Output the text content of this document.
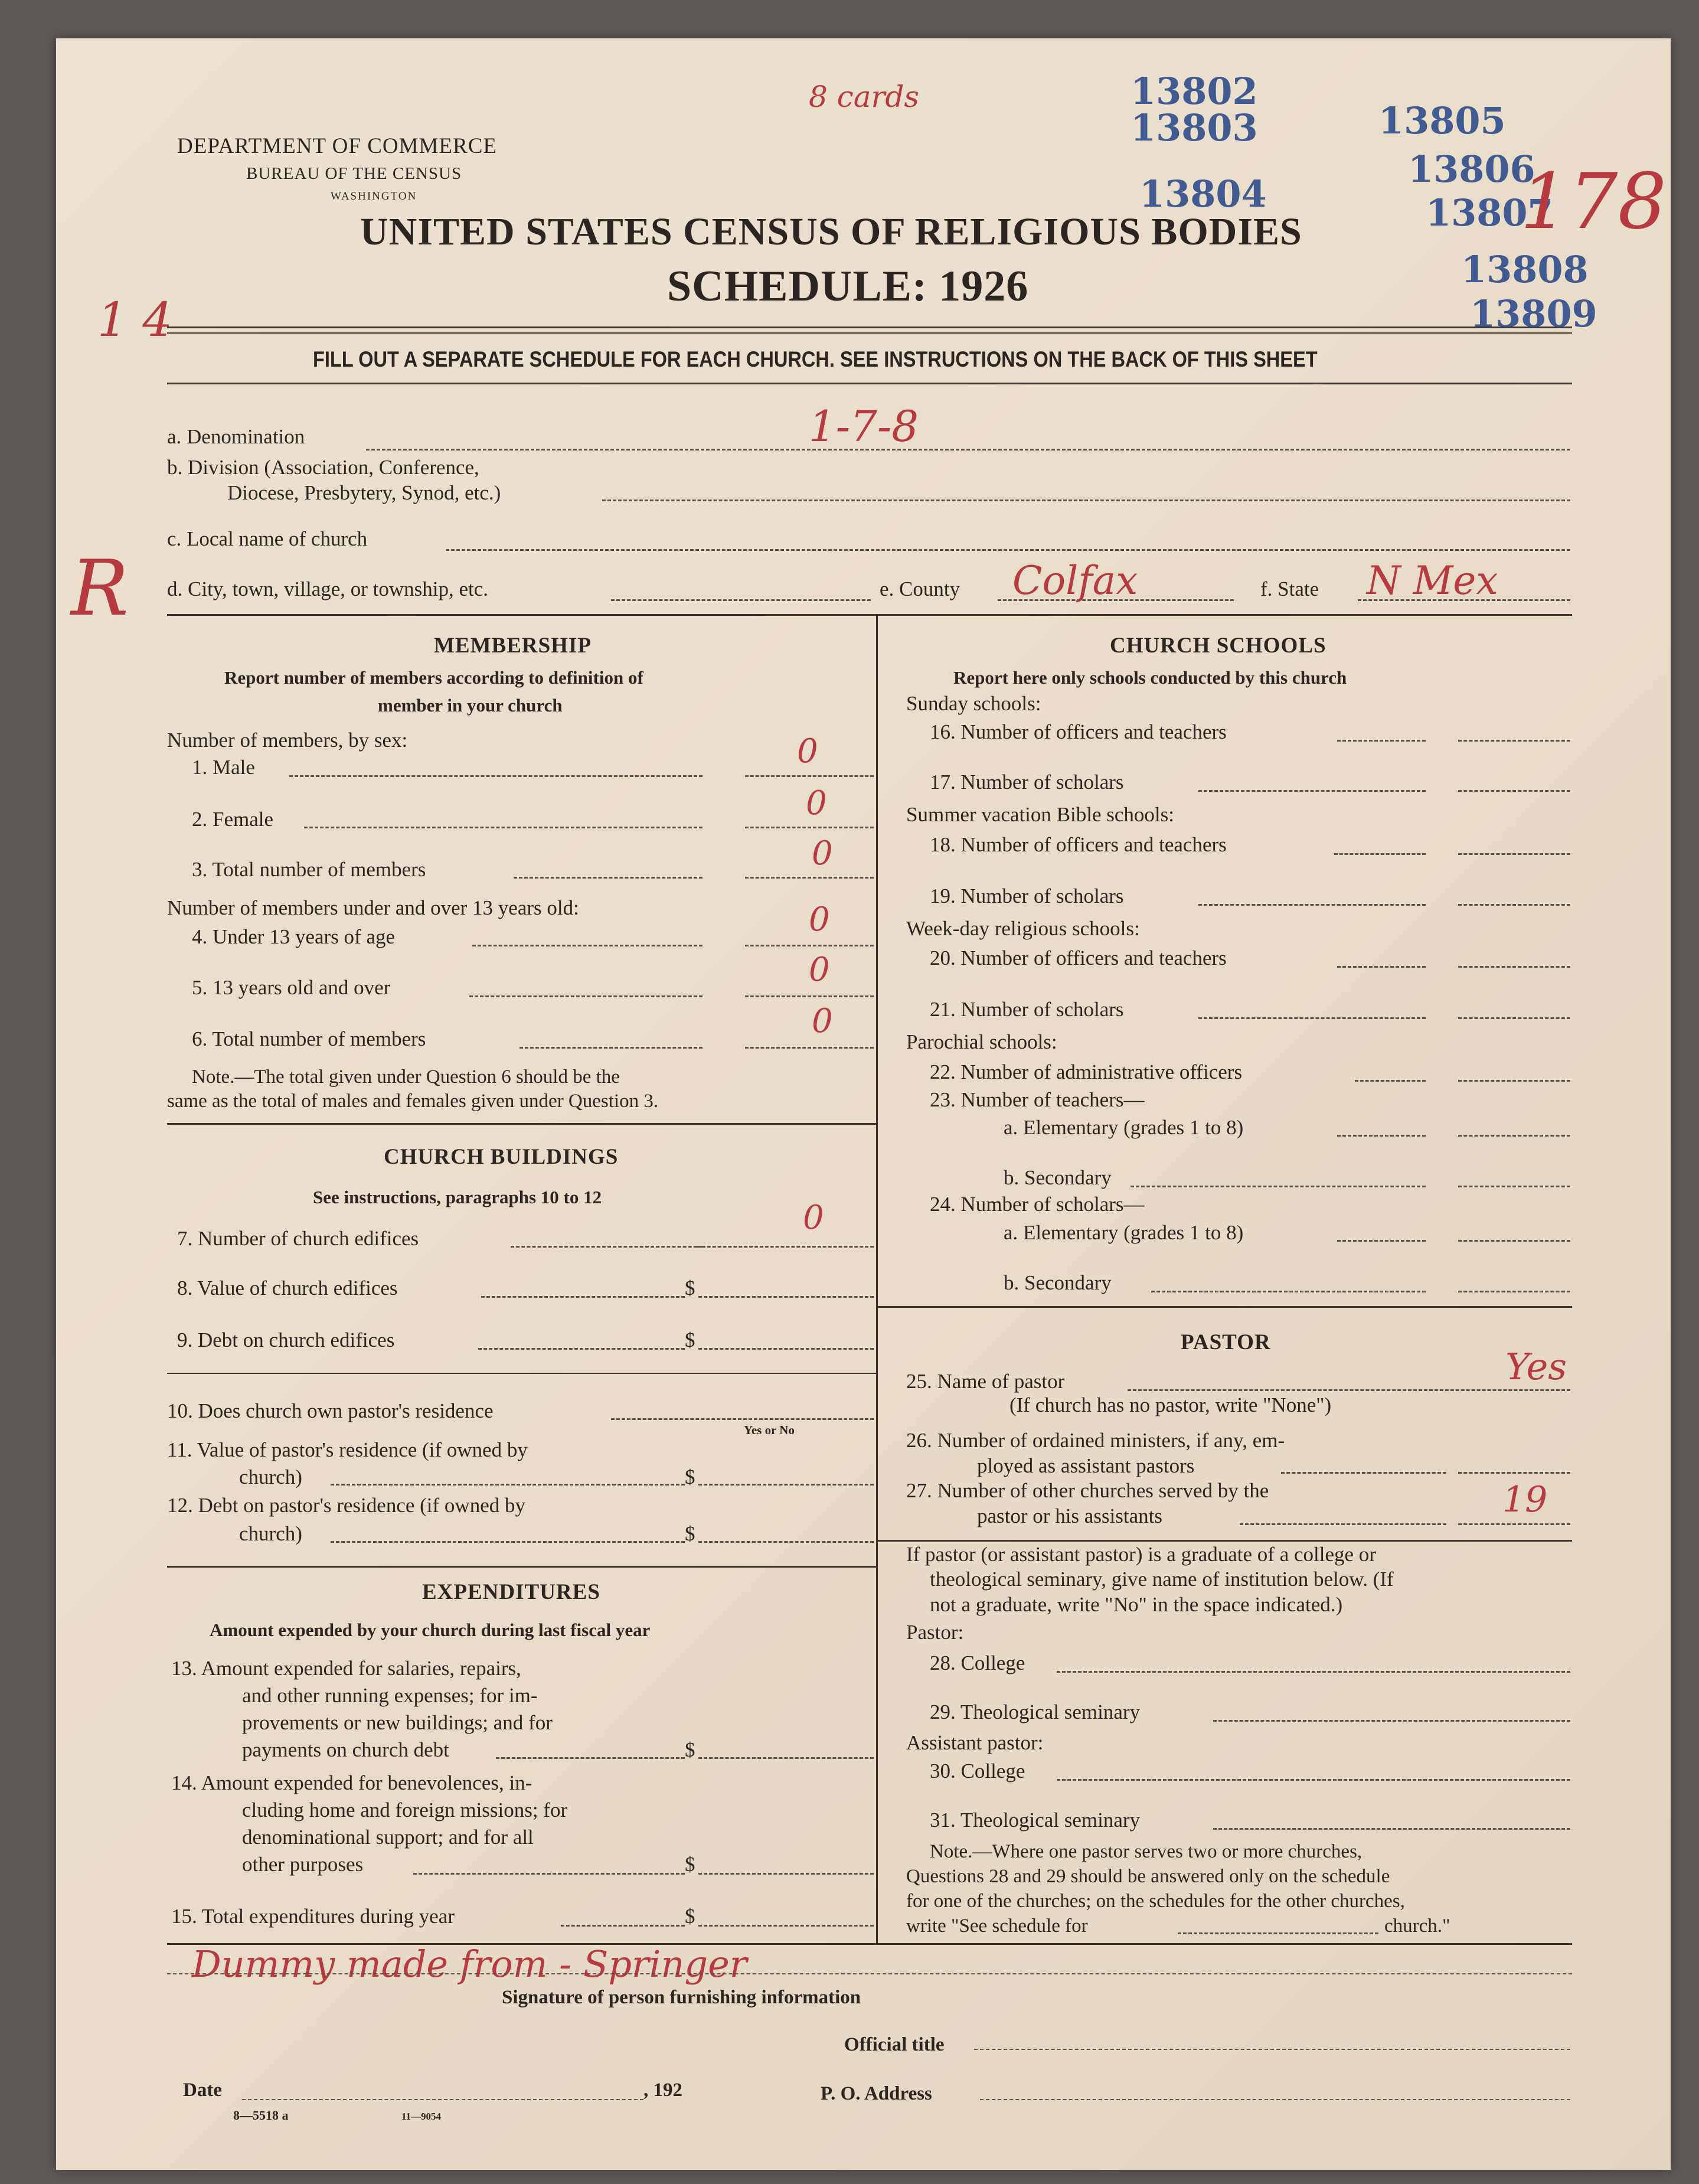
DEPARTMENT OF COMMERCE
BUREAU OF THE CENSUS
WASHINGTON
UNITED STATES CENSUS OF RELIGIOUS BODIES
SCHEDULE: 1926
FILL OUT A SEPARATE SCHEDULE FOR EACH CHURCH. SEE INSTRUCTIONS ON THE BACK OF THIS SHEET
13802
13803
13804
13805
13806
13807
13808
13809
8 cards
1 4
178
R
a. Denomination	1-7-8
b. Division (Association, Conference,
Diocese, Presbytery, Synod, etc.)
c. Local name of church
d. City, town, village, or township, etc.	e. County Colfax	f. State N Mex
MEMBERSHIP
Report number of members according to definition of
member in your church
Number of members, by sex:
1. Male	0
2. Female	0
3. Total number of members	0
Number of members under and over 13 years old:
4. Under 13 years of age	0
5. 13 years old and over	0
6. Total number of members	0
Note.—The total given under Question 6 should be the
same as the total of males and females given under Question 3.
CHURCH BUILDINGS
See instructions, paragraphs 10 to 12
7. Number of church edifices
0
8. Value of church edifices	$
9. Debt on church edifices	$
10. Does church own pastor's residence
Yes or No
11. Value of pastor's residence (if owned by
church)	$
12. Debt on pastor's residence (if owned by
church)	$
EXPENDITURES
Amount expended by your church during last fiscal year
13. Amount expended for salaries, repairs,
and other running expenses; for im-
provements or new buildings; and for
payments on church debt	$
14. Amount expended for benevolences, in-
cluding home and foreign missions; for
denominational support; and for all
other purposes	$
15. Total expenditures during year	$
CHURCH SCHOOLS
Report here only schools conducted by this church
Sunday schools:
16. Number of officers and teachers
17. Number of scholars
Summer vacation Bible schools:
18. Number of officers and teachers
19. Number of scholars
Week-day religious schools:
20. Number of officers and teachers
21. Number of scholars
Parochial schools:
22. Number of administrative officers
23. Number of teachers—
a. Elementary (grades 1 to 8)
b. Secondary
24. Number of scholars—
a. Elementary (grades 1 to 8)
b. Secondary
PASTOR
25. Name of pastor	Yes
(If church has no pastor, write "None")
26. Number of ordained ministers, if any, em-
ployed as assistant pastors
27. Number of other churches served by the
pastor or his assistants	19
If pastor (or assistant pastor) is a graduate of a college or
theological seminary, give name of institution below. (If
not a graduate, write "No" in the space indicated.)
Pastor:
28. College
29. Theological seminary
Assistant pastor:
30. College
31. Theological seminary
Note.—Where one pastor serves two or more churches,
Questions 28 and 29 should be answered only on the schedule
for one of the churches; on the schedules for the other churches,
write "See schedule for	church."
Dummy made from - Springer
Signature of person furnishing information
Official title
Date	, 192	P. O. Address
8—5518 a	11—9054
